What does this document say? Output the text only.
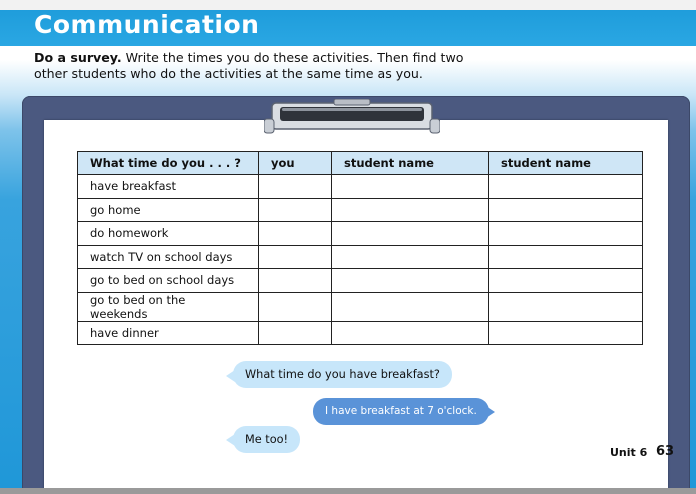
Communication
Do a survey. Write the times you do these activities. Then find two other students who do the activities at the same time as you.
What time do you . . . ?	you	student name	student name
have breakfast			
go home			
do homework			
watch TV on school days			
go to bed on school days			
go to bed on the weekends			
have dinner			
What time do you have breakfast?
I have breakfast at 7 o'clock.
Me too!
Unit 6 63
